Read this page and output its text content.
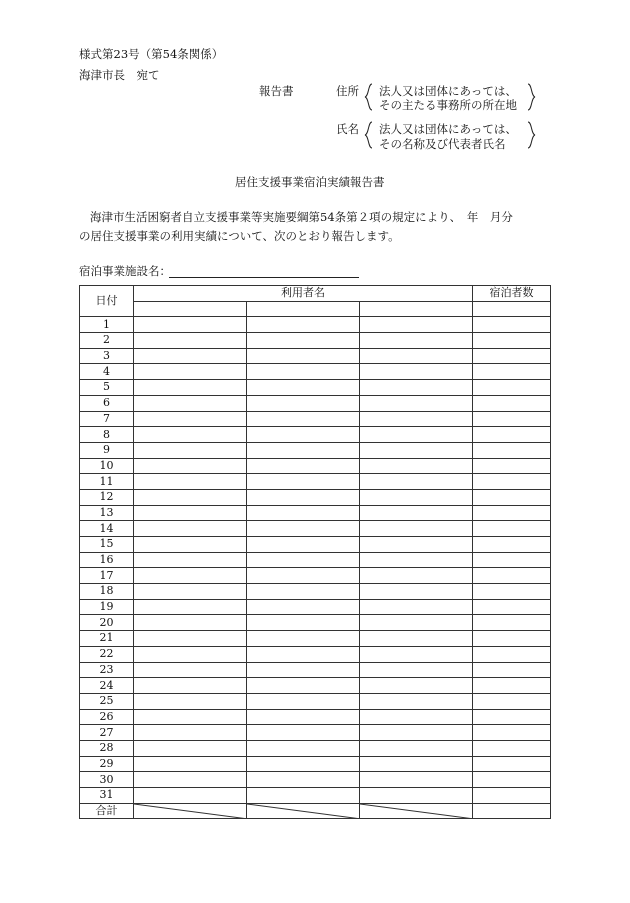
様式第23号（第54条関係）
海津市長　宛て
報告書	住所 法人又は団体にあっては、
その主たる事務所の所在地
氏名 法人又は団体にあっては、
その名称及び代表者氏名
居住支援事業宿泊実績報告書
海津市生活困窮者自立支援事業等実施要綱第54条第２項の規定により、　年　月分
の居住支援事業の利用実績について、次のとおり報告します。
宿泊事業施設名：
日付	利用者名			宿泊者数

1				
2				
3				
4				
5				
6				
7				
8				
9				
10				
11				
12				
13				
14				
15				
16				
17				
18				
19				
20				
21				
22				
23				
24				
25				
26				
27				
28				
29				
30				
31				
合計	
